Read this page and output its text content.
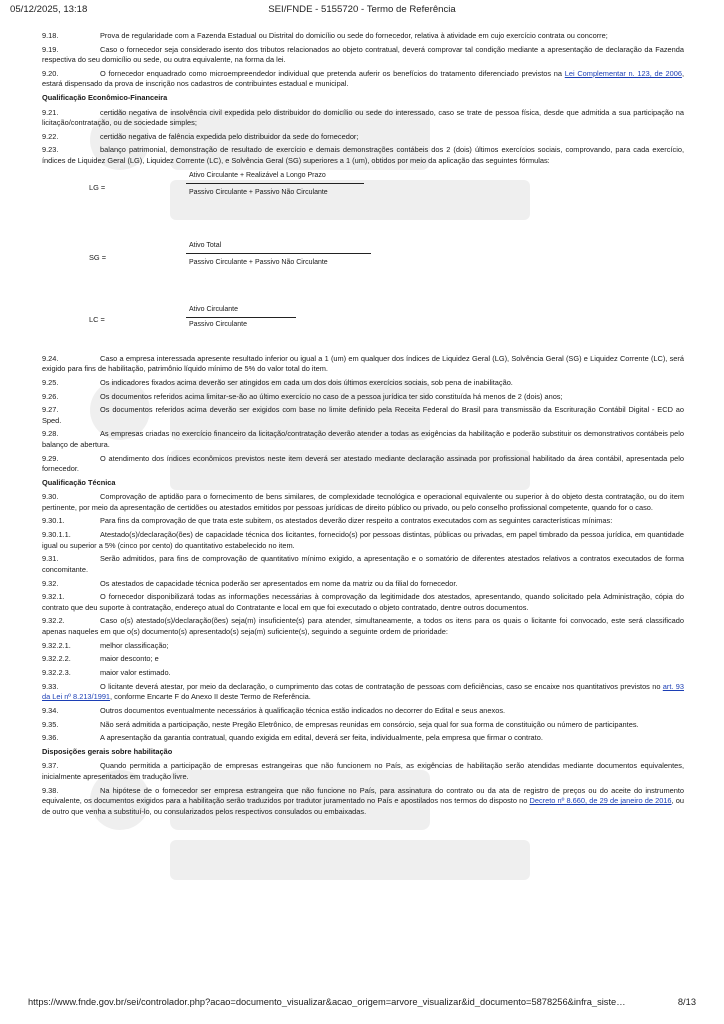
05/12/2025, 13:18	SEI/FNDE - 5155720 - Termo de Referência
9.18.	Prova de regularidade com a Fazenda Estadual ou Distrital do domicílio ou sede do fornecedor, relativa à atividade em cujo exercício contrata ou concorre;
9.19.	Caso o fornecedor seja considerado isento dos tributos relacionados ao objeto contratual, deverá comprovar tal condição mediante a apresentação de declaração da Fazenda respectiva do seu domicílio ou sede, ou outra equivalente, na forma da lei.
9.20.	O fornecedor enquadrado como microempreendedor individual que pretenda auferir os benefícios do tratamento diferenciado previstos na Lei Complementar n. 123, de 2006, estará dispensado da prova de inscrição nos cadastros de contribuintes estadual e municipal.
Qualificação Econômico-Financeira
9.21.	certidão negativa de insolvência civil expedida pelo distribuidor do domicílio ou sede do interessado, caso se trate de pessoa física, desde que admitida a sua participação na licitação/contratação, ou de sociedade simples;
9.22.	certidão negativa de falência expedida pelo distribuidor da sede do fornecedor;
9.23.	balanço patrimonial, demonstração de resultado de exercício e demais demonstrações contábeis dos 2 (dois) últimos exercícios sociais, comprovando, para cada exercício, índices de Liquidez Geral (LG), Liquidez Corrente (LC), e Solvência Geral (SG) superiores a 1 (um), obtidos por meio da aplicação das seguintes fórmulas:
LG =
Ativo Circulante + Realizável a Longo Prazo
Passivo Circulante + Passivo Não Circulante
SG =
Ativo Total
Passivo Circulante + Passivo Não Circulante
LC =
Ativo Circulante
Passivo Circulante
9.24.	Caso a empresa interessada apresente resultado inferior ou igual a 1 (um) em qualquer dos índices de Liquidez Geral (LG), Solvência Geral (SG) e Liquidez Corrente (LC), será exigido para fins de habilitação, patrimônio líquido mínimo de 5% do valor total do item.
9.25.	Os indicadores fixados acima deverão ser atingidos em cada um dos dois últimos exercícios sociais, sob pena de inabilitação.
9.26.	Os documentos referidos acima limitar-se-ão ao último exercício no caso de a pessoa jurídica ter sido constituída há menos de 2 (dois) anos;
9.27.	Os documentos referidos acima deverão ser exigidos com base no limite definido pela Receita Federal do Brasil para transmissão da Escrituração Contábil Digital - ECD ao Sped.
9.28.	As empresas criadas no exercício financeiro da licitação/contratação deverão atender a todas as exigências da habilitação e poderão substituir os demonstrativos contábeis pelo balanço de abertura.
9.29.	O atendimento dos índices econômicos previstos neste item deverá ser atestado mediante declaração assinada por profissional habilitado da área contábil, apresentada pelo fornecedor.
Qualificação Técnica
9.30.	Comprovação de aptidão para o fornecimento de bens similares, de complexidade tecnológica e operacional equivalente ou superior à do objeto desta contratação, ou do item pertinente, por meio da apresentação de certidões ou atestados emitidos por pessoas jurídicas de direito público ou privado, ou pelo conselho profissional competente, quando for o caso.
9.30.1.	Para fins da comprovação de que trata este subitem, os atestados deverão dizer respeito a contratos executados com as seguintes características mínimas:
9.30.1.1.	Atestado(s)/declaração(ões) de capacidade técnica dos licitantes, fornecido(s) por pessoas distintas, públicas ou privadas, em papel timbrado da pessoa jurídica, em quantidade igual ou superior a 5% (cinco por cento) do quantitativo estabelecido no item.
9.31.	Serão admitidos, para fins de comprovação de quantitativo mínimo exigido, a apresentação e o somatório de diferentes atestados relativos a contratos executados de forma concomitante.
9.32.	Os atestados de capacidade técnica poderão ser apresentados em nome da matriz ou da filial do fornecedor.
9.32.1.	O fornecedor disponibilizará todas as informações necessárias à comprovação da legitimidade dos atestados, apresentando, quando solicitado pela Administração, cópia do contrato que deu suporte à contratação, endereço atual do Contratante e local em que foi executado o objeto contratado, dentre outros documentos.
9.32.2.	Caso o(s) atestado(s)/declaração(ões) seja(m) insuficiente(s) para atender, simultaneamente, a todos os itens para os quais o licitante foi convocado, este será classificado apenas naqueles em que o(s) documento(s) apresentado(s) seja(m) suficiente(s), seguindo a seguinte ordem de prioridade:
9.32.2.1.	melhor classificação;
9.32.2.2.	maior desconto; e
9.32.2.3.	maior valor estimado.
9.33.	O licitante deverá atestar, por meio da declaração, o cumprimento das cotas de contratação de pessoas com deficiências, caso se encaixe nos quantitativos previstos no art. 93 da Lei nº 8.213/1991, conforme Encarte F do Anexo II deste Termo de Referência.
9.34.	Outros documentos eventualmente necessários à qualificação técnica estão indicados no decorrer do Edital e seus anexos.
9.35.	Não será admitida a participação, neste Pregão Eletrônico, de empresas reunidas em consórcio, seja qual for sua forma de constituição ou número de participantes.
9.36.	A apresentação da garantia contratual, quando exigida em edital, deverá ser feita, individualmente, pela empresa que firmar o contrato.
Disposições gerais sobre habilitação
9.37.	Quando permitida a participação de empresas estrangeiras que não funcionem no País, as exigências de habilitação serão atendidas mediante documentos equivalentes, inicialmente apresentados em tradução livre.
9.38.	Na hipótese de o fornecedor ser empresa estrangeira que não funcione no País, para assinatura do contrato ou da ata de registro de preços ou do aceite do instrumento equivalente, os documentos exigidos para a habilitação serão traduzidos por tradutor juramentado no País e apostilados nos termos do disposto no Decreto nº 8.660, de 29 de janeiro de 2016, ou de outro que venha a substituí-lo, ou consularizados pelos respectivos consulados ou embaixadas.
https://www.fnde.gov.br/sei/controlador.php?acao=documento_visualizar&acao_origem=arvore_visualizar&id_documento=5878256&infra_siste…	8/13
